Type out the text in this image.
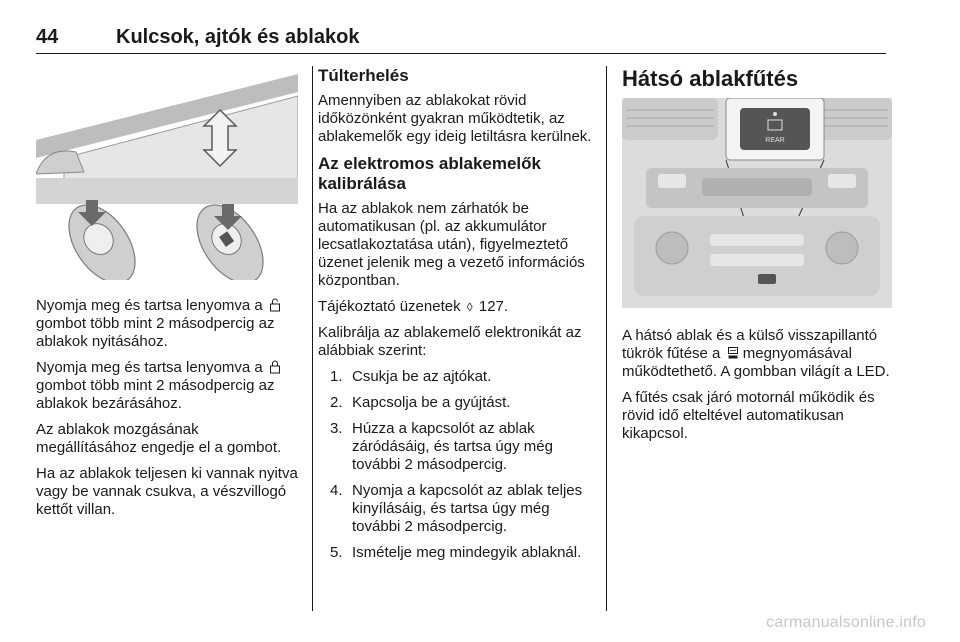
44	Kulcsok, ajtók és ablakok

Nyomja meg és tartsa lenyomva a  gombot több mint 2 másodpercig az ablakok nyitásához.

Nyomja meg és tartsa lenyomva a  gombot több mint 2 másodpercig az ablakok bezárásához.

Az ablakok mozgásának megállításához engedje el a gombot.

Ha az ablakok teljesen ki vannak nyitva vagy be vannak csukva, a vészvillogó kettőt villan.

Túlterhelés

Amennyiben az ablakokat rövid időközönként gyakran működtetik, az ablakemelők egy ideig letiltásra kerülnek.

Az elektromos ablakemelők kalibrálása

Ha az ablakok nem zárhatók be automatikusan (pl. az akkumulátor lecsatlakoztatása után), figyelmeztető üzenet jelenik meg a vezető információs központban.

Tájékoztató üzenetek ◊ 127.

Kalibrálja az ablakemelő elektronikát az alábbiak szerint:

1. Csukja be az ajtókat.
2. Kapcsolja be a gyújtást.
3. Húzza a kapcsolót az ablak záródásáig, és tartsa úgy még további 2 másodpercig.
4. Nyomja a kapcsolót az ablak teljes kinyílásáig, és tartsa úgy még további 2 másodpercig.
5. Ismételje meg mindegyik ablaknál.
Hátsó ablakfűtés
REAR

A hátsó ablak és a külső visszapillantó tükrök fűtése a megnyomásával működtethető. A gombban világít a LED.

A fűtés csak járó motornál működik és rövid idő elteltével automatikusan kikapcsol.

carmanualsonline.info
